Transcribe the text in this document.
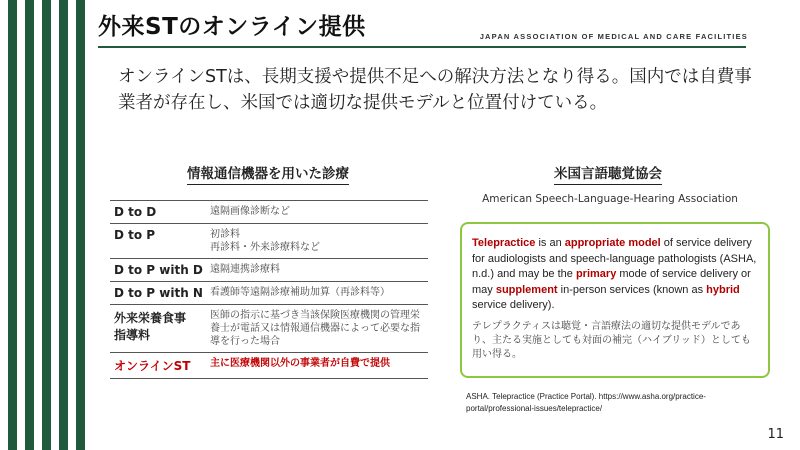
外来STのオンライン提供	JAPAN ASSOCIATION OF MEDICAL AND CARE FACILITIES
オンラインSTは、長期支援や提供不足への解決方法となり得る。国内では自費事業者が存在し、米国では適切な提供モデルと位置付けている。
情報通信機器を用いた診療
D to D	遠隔画像診断など
D to P	初診料
再診料・外来診療料など
D to P with D	遠隔連携診療料
D to P with N	看護師等遠隔診療補助加算（再診料等）
外来栄養食事
指導料	医師の指示に基づき当該保険医療機関の管理栄養士が電話又は情報通信機器によって必要な指導を行った場合
オンラインST	主に医療機関以外の事業者が自費で提供
米国言語聴覚協会
American Speech-Language-Hearing Association
Telepractice is an appropriate model of service delivery for audiologists and speech-language pathologists (ASHA, n.d.) and may be the primary mode of service delivery or may supplement in-person services (known as hybrid service delivery).
テレプラクティスは聴覚・言語療法の適切な提供モデルであり、主たる実施としても対面の補完（ハイブリッド）としても用い得る。
ASHA. Telepractice (Practice Portal). https://www.asha.org/practice-portal/professional-issues/telepractice/
11
